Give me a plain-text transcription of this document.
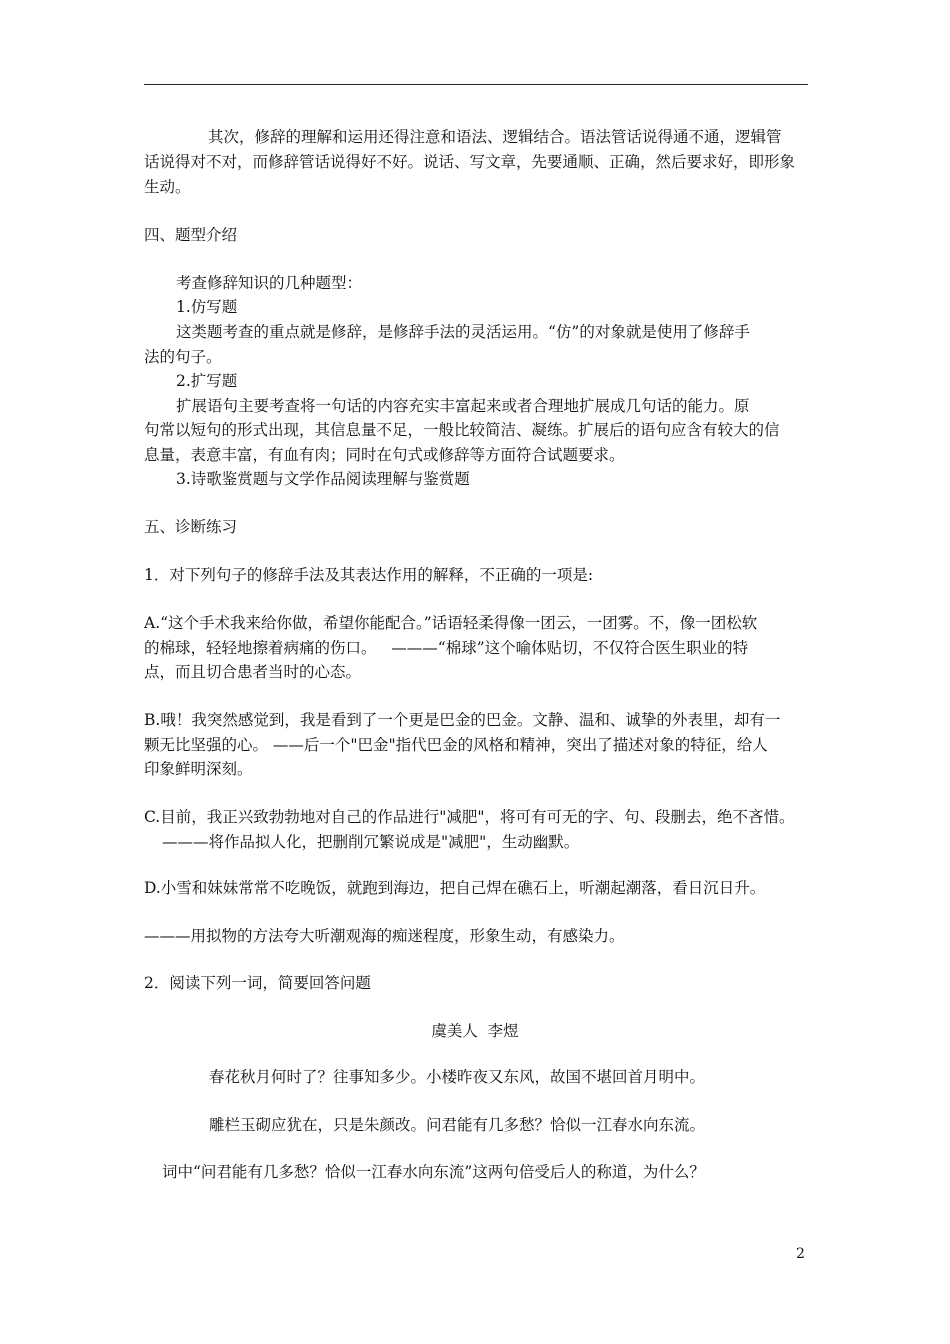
其次，修辞的理解和运用还得注意和语法、逻辑结合。语法管话说得通不通，逻辑管
话说得对不对，而修辞管话说得好不好。说话、写文章，先要通顺、正确，然后要求好，即形象
生动。
四、题型介绍
考查修辞知识的几种题型：
1.仿写题
这类题考查的重点就是修辞，是修辞手法的灵活运用。“仿”的对象就是使用了修辞手
法的句子。
2.扩写题
扩展语句主要考查将一句话的内容充实丰富起来或者合理地扩展成几句话的能力。原
句常以短句的形式出现，其信息量不足，一般比较简洁、凝练。扩展后的语句应含有较大的信
息量，表意丰富，有血有肉；同时在句式或修辞等方面符合试题要求。
3.诗歌鉴赏题与文学作品阅读理解与鉴赏题
五、诊断练习
1．对下列句子的修辞手法及其表达作用的解释，不正确的一项是:
A.“这个手术我来给你做，希望你能配合。”话语轻柔得像一团云，一团雾。不，像一团松软
的棉球，轻轻地擦着病痛的伤口。   ———“棉球”这个喻体贴切，不仅符合医生职业的特
点，而且切合患者当时的心态。
B.哦！我突然感觉到，我是看到了一个更是巴金的巴金。文静、温和、诚挚的外表里，却有一
颗无比坚强的心。 ——后一个"巴金"指代巴金的风格和精神，突出了描述对象的特征，给人
印象鲜明深刻。
C.目前，我正兴致勃勃地对自己的作品进行"减肥"，将可有可无的字、句、段删去，绝不吝惜。
———将作品拟人化，把删削冗繁说成是"减肥"，生动幽默。
D.小雪和妹妹常常不吃晚饭，就跑到海边，把自己焊在礁石上，听潮起潮落，看日沉日升。
———用拟物的方法夸大听潮观海的痴迷程度，形象生动，有感染力。
2．阅读下列一词，简要回答问题
虞美人  李煜
春花秋月何时了？往事知多少。小楼昨夜又东风，故国不堪回首月明中。
雕栏玉砌应犹在，只是朱颜改。问君能有几多愁？恰似一江春水向东流。
词中“问君能有几多愁？恰似一江春水向东流”这两句倍受后人的称道，为什么？
2
